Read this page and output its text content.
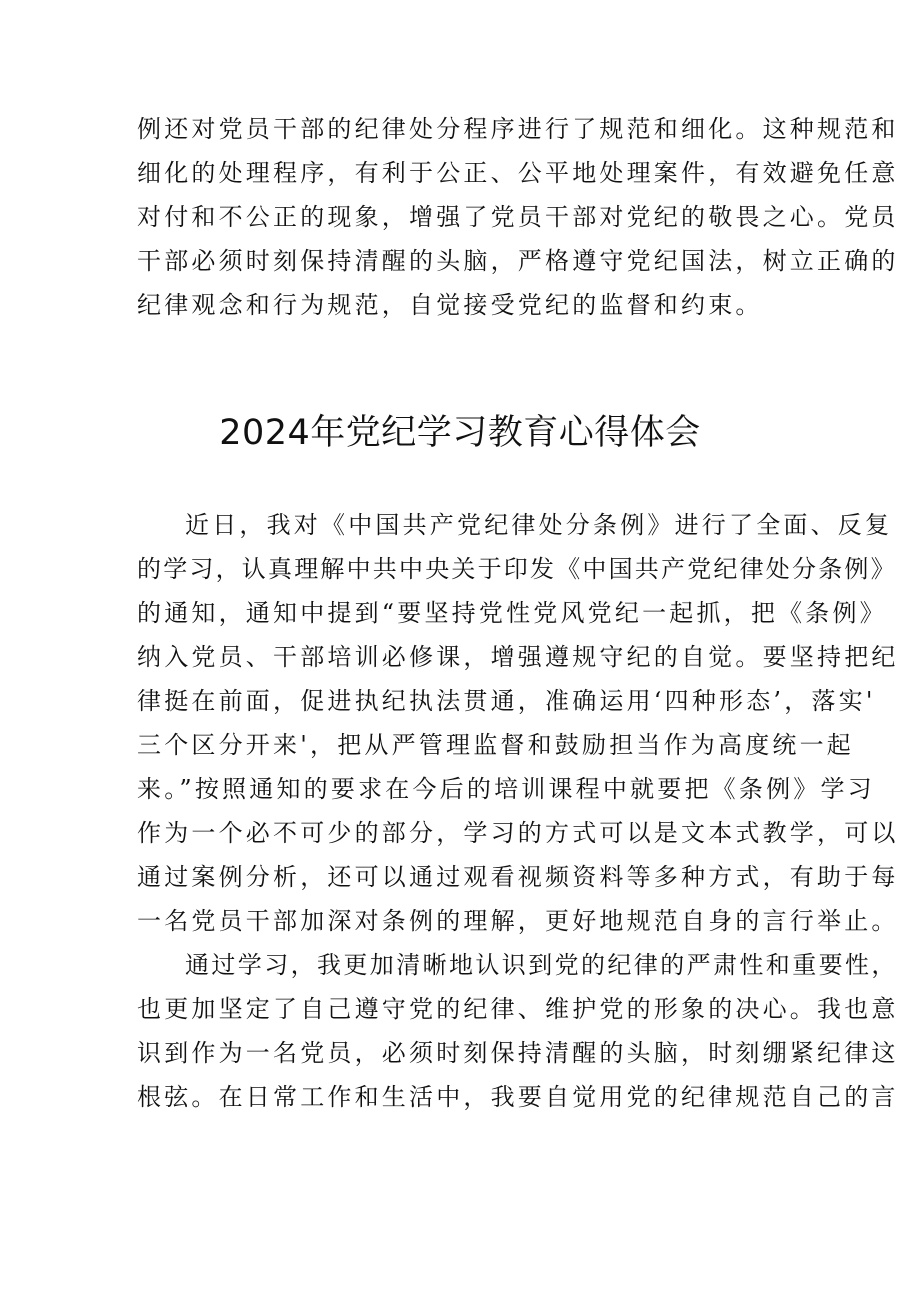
例还对党员干部的纪律处分程序进行了规范和细化。这种规范和
细化的处理程序，有利于公正、公平地处理案件，有效避免任意
对付和不公正的现象，增强了党员干部对党纪的敬畏之心。党员
干部必须时刻保持清醒的头脑，严格遵守党纪国法，树立正确的
纪律观念和行为规范，自觉接受党纪的监督和约束。
2024年党纪学习教育心得体会
近日，我对《中国共产党纪律处分条例》进行了全面、反复
的学习，认真理解中共中央关于印发《中国共产党纪律处分条例》
的通知，通知中提到“要坚持党性党风党纪一起抓，把《条例》
纳入党员、干部培训必修课，增强遵规守纪的自觉。要坚持把纪
律挺在前面，促进执纪执法贯通，准确运用‘四种形态’，落实'
三个区分开来'，把从严管理监督和鼓励担当作为高度统一起
来。”按照通知的要求在今后的培训课程中就要把《条例》学习
作为一个必不可少的部分，学习的方式可以是文本式教学，可以
通过案例分析，还可以通过观看视频资料等多种方式，有助于每
一名党员干部加深对条例的理解，更好地规范自身的言行举止。
通过学习，我更加清晰地认识到党的纪律的严肃性和重要性，
也更加坚定了自己遵守党的纪律、维护党的形象的决心。我也意
识到作为一名党员，必须时刻保持清醒的头脑，时刻绷紧纪律这
根弦。在日常工作和生活中，我要自觉用党的纪律规范自己的言
